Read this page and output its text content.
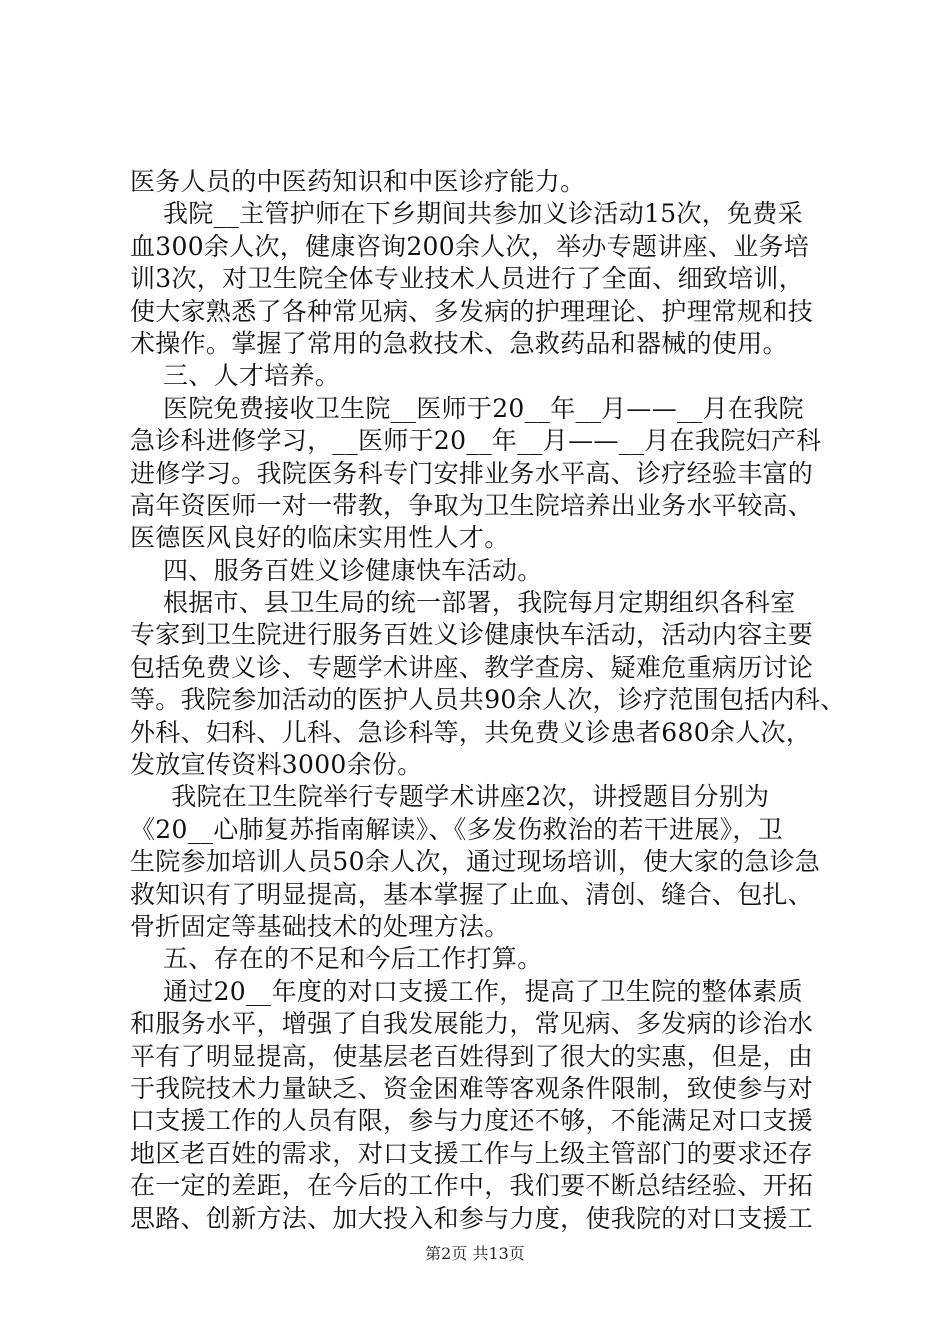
医务人员的中医药知识和中医诊疗能力。
我院__主管护师在下乡期间共参加义诊活动15次，免费采
血300余人次，健康咨询200余人次，举办专题讲座、业务培
训3次，对卫生院全体专业技术人员进行了全面、细致培训，
使大家熟悉了各种常见病、多发病的护理理论、护理常规和技
术操作。掌握了常用的急救技术、急救药品和器械的使用。
三、人才培养。
医院免费接收卫生院__医师于20__年__月——__月在我院
急诊科进修学习，__医师于20__年__月——__月在我院妇产科
进修学习。我院医务科专门安排业务水平高、诊疗经验丰富的
高年资医师一对一带教，争取为卫生院培养出业务水平较高、
医德医风良好的临床实用性人才。
四、服务百姓义诊健康快车活动。
根据市、县卫生局的统一部署，我院每月定期组织各科室
专家到卫生院进行服务百姓义诊健康快车活动，活动内容主要
包括免费义诊、专题学术讲座、教学查房、疑难危重病历讨论
等。我院参加活动的医护人员共90余人次，诊疗范围包括内科、
外科、妇科、儿科、急诊科等，共免费义诊患者680余人次，
发放宣传资料3000余份。
我院在卫生院举行专题学术讲座2次，讲授题目分别为
《20__心肺复苏指南解读》、《多发伤救治的若干进展》，卫
生院参加培训人员50余人次，通过现场培训，使大家的急诊急
救知识有了明显提高，基本掌握了止血、清创、缝合、包扎、
骨折固定等基础技术的处理方法。
五、存在的不足和今后工作打算。
通过20__年度的对口支援工作，提高了卫生院的整体素质
和服务水平，增强了自我发展能力，常见病、多发病的诊治水
平有了明显提高，使基层老百姓得到了很大的实惠，但是，由
于我院技术力量缺乏、资金困难等客观条件限制，致使参与对
口支援工作的人员有限，参与力度还不够，不能满足对口支援
地区老百姓的需求，对口支援工作与上级主管部门的要求还存
在一定的差距，在今后的工作中，我们要不断总结经验、开拓
思路、创新方法、加大投入和参与力度，使我院的对口支援工
第2页 共13页
